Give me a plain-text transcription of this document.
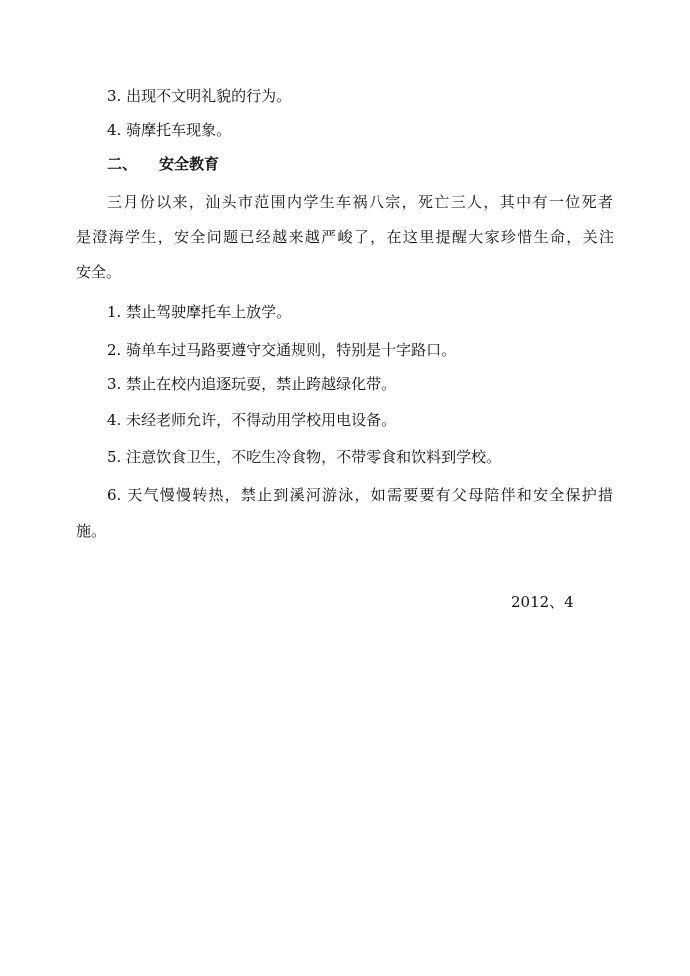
3. 出现不文明礼貌的行为。
4. 骑摩托车现象。
二、 安全教育
三月份以来，汕头市范围内学生车祸八宗，死亡三人，其中有一位死者
是澄海学生，安全问题已经越来越严峻了，在这里提醒大家珍惜生命，关注
安全。
1. 禁止驾驶摩托车上放学。
2. 骑单车过马路要遵守交通规则，特别是十字路口。
3. 禁止在校内追逐玩耍，禁止跨越绿化带。
4. 未经老师允许，不得动用学校用电设备。
5. 注意饮食卫生，不吃生冷食物，不带零食和饮料到学校。
6. 天气慢慢转热，禁止到溪河游泳，如需要要有父母陪伴和安全保护措
施。
2012、4
